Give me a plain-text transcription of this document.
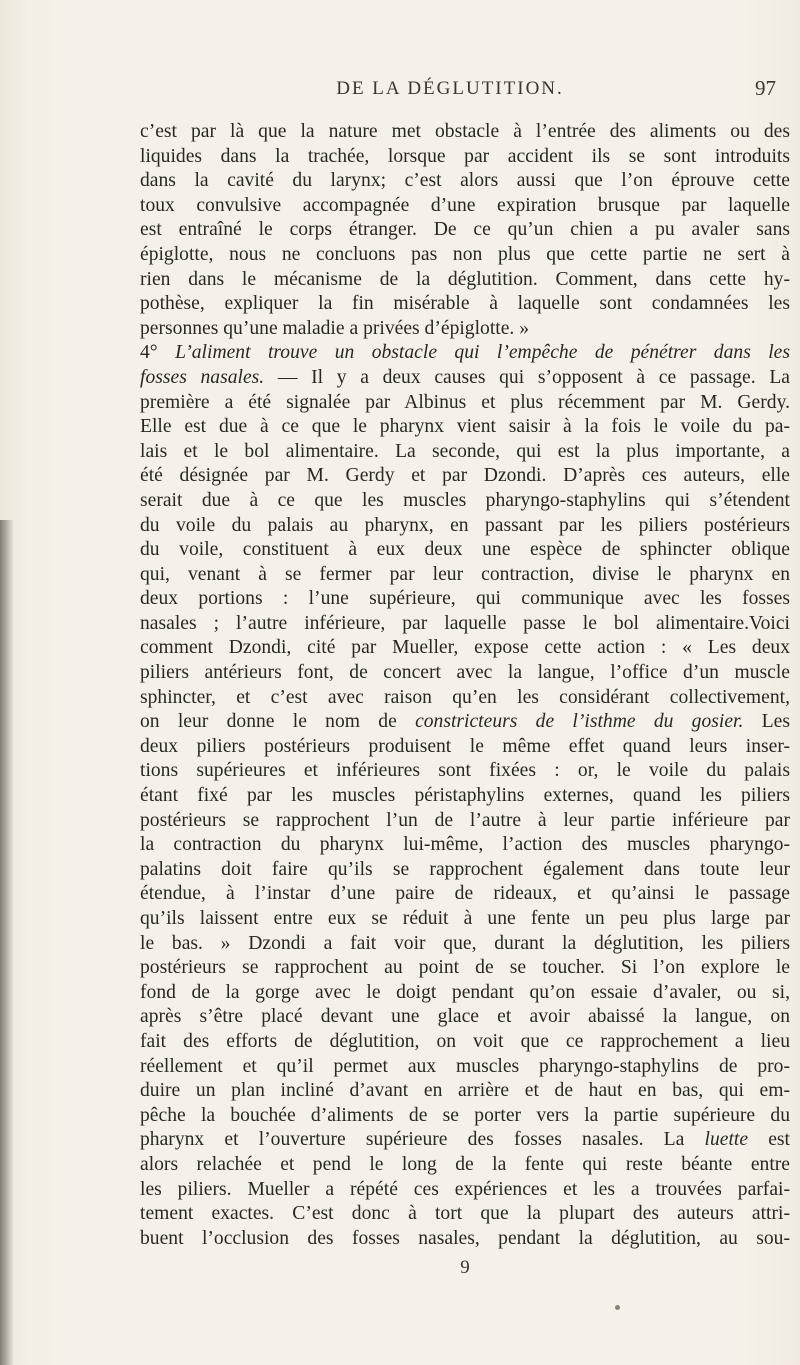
DE LA DÉGLUTITION.	97
c’est par là que la nature met obstacle à l’entrée des aliments ou des
liquides dans la trachée, lorsque par accident ils se sont introduits
dans la cavité du larynx; c’est alors aussi que l’on éprouve cette
toux convulsive accompagnée d’une expiration brusque par laquelle
est entraîné le corps étranger. De ce qu’un chien a pu avaler sans
épiglotte, nous ne concluons pas non plus que cette partie ne sert à
rien dans le mécanisme de la déglutition. Comment, dans cette hy-
pothèse, expliquer la fin misérable à laquelle sont condamnées les
personnes qu’une maladie a privées d’épiglotte. »
4° L’aliment trouve un obstacle qui l’empêche de pénétrer dans les
fosses nasales. — Il y a deux causes qui s’opposent à ce passage. La
première a été signalée par Albinus et plus récemment par M. Gerdy.
Elle est due à ce que le pharynx vient saisir à la fois le voile du pa-
lais et le bol alimentaire. La seconde, qui est la plus importante, a
été désignée par M. Gerdy et par Dzondi. D’après ces auteurs, elle
serait due à ce que les muscles pharyngo-staphylins qui s’étendent
du voile du palais au pharynx, en passant par les piliers postérieurs
du voile, constituent à eux deux une espèce de sphincter oblique
qui, venant à se fermer par leur contraction, divise le pharynx en
deux portions : l’une supérieure, qui communique avec les fosses
nasales ; l’autre inférieure, par laquelle passe le bol alimentaire.Voici
comment Dzondi, cité par Mueller, expose cette action : « Les deux
piliers antérieurs font, de concert avec la langue, l’office d’un muscle
sphincter, et c’est avec raison qu’en les considérant collectivement,
on leur donne le nom de constricteurs de l’isthme du gosier. Les
deux piliers postérieurs produisent le même effet quand leurs inser-
tions supérieures et inférieures sont fixées : or, le voile du palais
étant fixé par les muscles péristaphylins externes, quand les piliers
postérieurs se rapprochent l’un de l’autre à leur partie inférieure par
la contraction du pharynx lui-même, l’action des muscles pharyngo-
palatins doit faire qu’ils se rapprochent également dans toute leur
étendue, à l’instar d’une paire de rideaux, et qu’ainsi le passage
qu’ils laissent entre eux se réduit à une fente un peu plus large par
le bas. » Dzondi a fait voir que, durant la déglutition, les piliers
postérieurs se rapprochent au point de se toucher. Si l’on explore le
fond de la gorge avec le doigt pendant qu’on essaie d’avaler, ou si,
après s’être placé devant une glace et avoir abaissé la langue, on
fait des efforts de déglutition, on voit que ce rapprochement a lieu
réellement et qu’il permet aux muscles pharyngo-staphylins de pro-
duire un plan incliné d’avant en arrière et de haut en bas, qui em-
pêche la bouchée d’aliments de se porter vers la partie supérieure du
pharynx et l’ouverture supérieure des fosses nasales. La luette est
alors relachée et pend le long de la fente qui reste béante entre
les piliers. Mueller a répété ces expériences et les a trouvées parfai-
tement exactes. C’est donc à tort que la plupart des auteurs attri-
buent l’occlusion des fosses nasales, pendant la déglutition, au sou-
9
